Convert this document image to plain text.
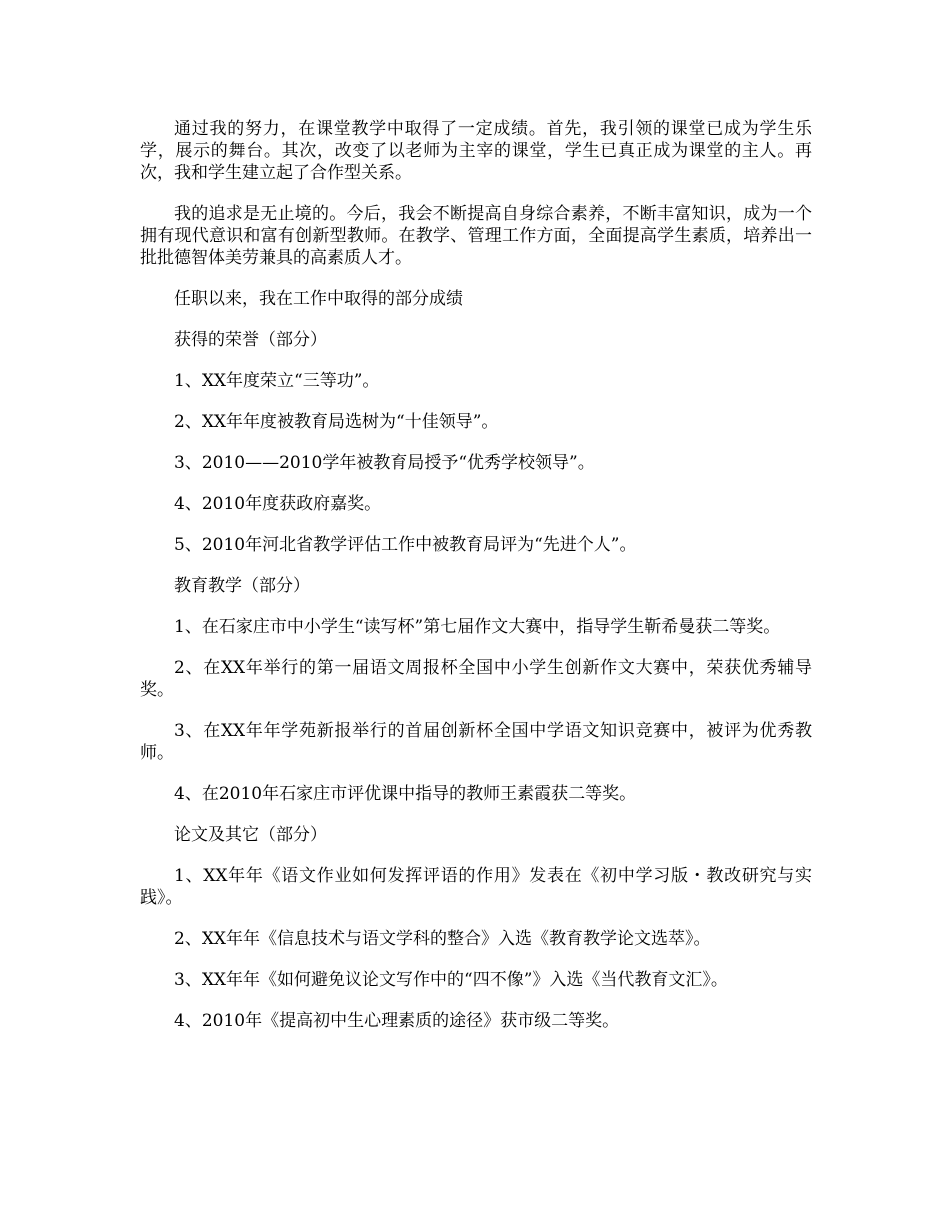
通过我的努力，在课堂教学中取得了一定成绩。首先，我引领的课堂已成为学生乐学，展示的舞台。其次，改变了以老师为主宰的课堂，学生已真正成为课堂的主人。再次，我和学生建立起了合作型关系。

我的追求是无止境的。今后，我会不断提高自身综合素养，不断丰富知识，成为一个拥有现代意识和富有创新型教师。在教学、管理工作方面，全面提高学生素质，培养出一批批德智体美劳兼具的高素质人才。

任职以来，我在工作中取得的部分成绩

获得的荣誉（部分）

1、XX年度荣立“三等功”。

2、XX年年度被教育局选树为“十佳领导”。

3、2010——2010学年被教育局授予“优秀学校领导”。

4、2010年度获政府嘉奖。

5、2010年河北省教学评估工作中被教育局评为“先进个人”。

教育教学（部分）

1、在石家庄市中小学生“读写杯”第七届作文大赛中，指导学生靳希曼获二等奖。

2、在XX年举行的第一届语文周报杯全国中小学生创新作文大赛中，荣获优秀辅导奖。

3、在XX年年学苑新报举行的首届创新杯全国中学语文知识竞赛中，被评为优秀教师。

4、在2010年石家庄市评优课中指导的教师王素霞获二等奖。

论文及其它（部分）

1、XX年年《语文作业如何发挥评语的作用》发表在《初中学习版・教改研究与实践》。

2、XX年年《信息技术与语文学科的整合》入选《教育教学论文选萃》。

3、XX年年《如何避免议论文写作中的“四不像”》入选《当代教育文汇》。

4、2010年《提高初中生心理素质的途径》获市级二等奖。
